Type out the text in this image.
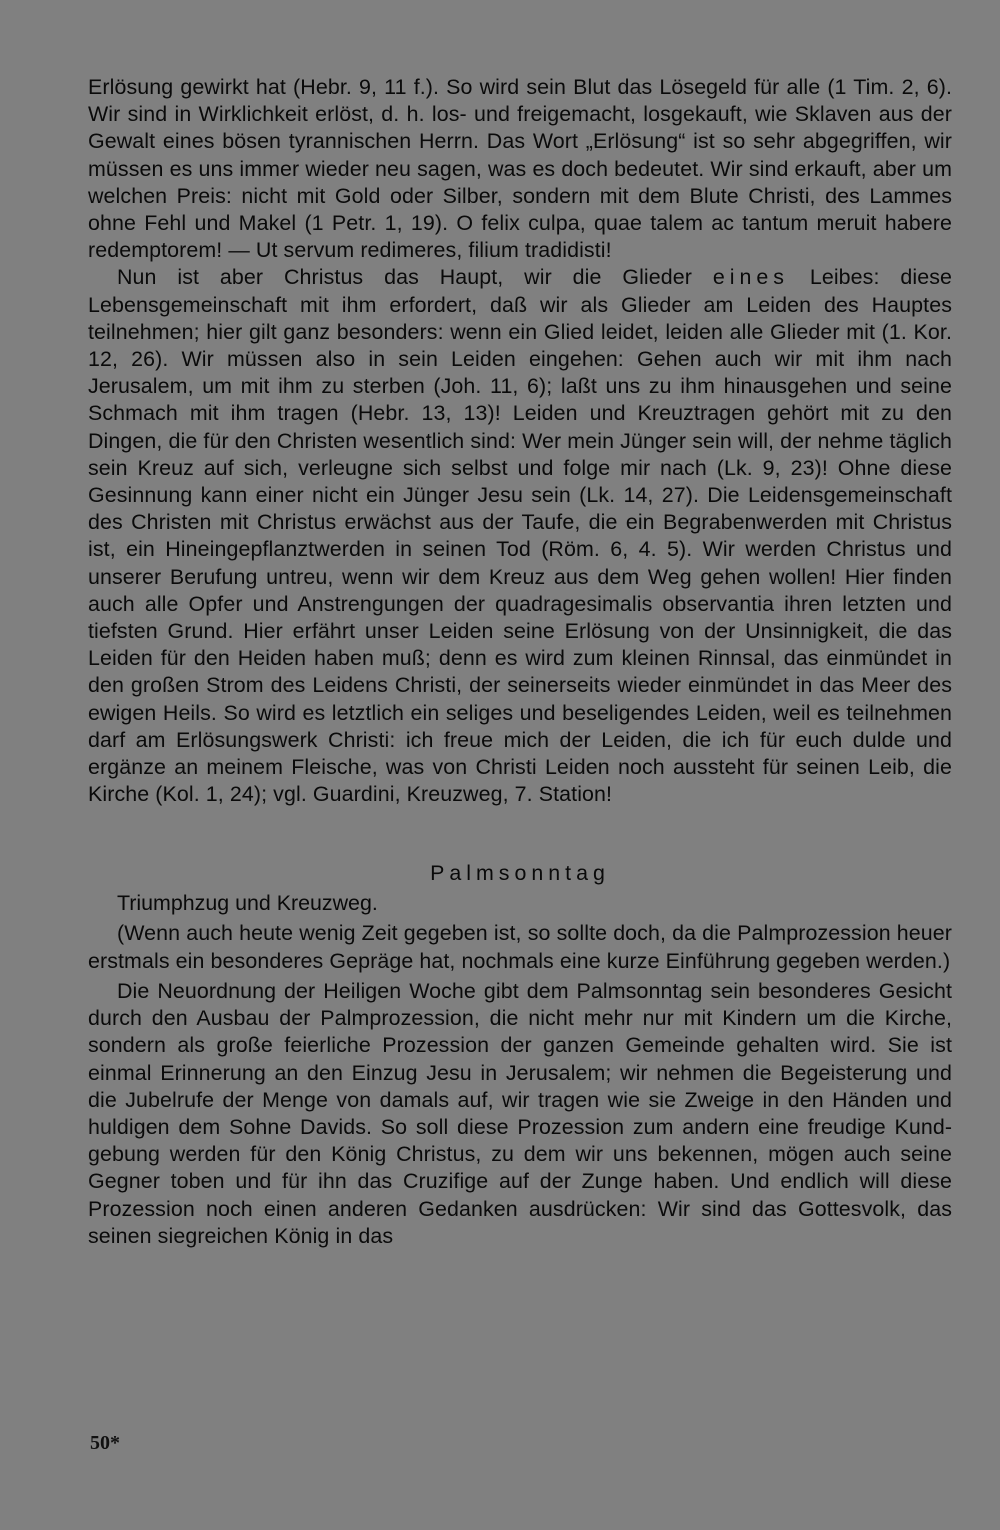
Erlösung gewirkt hat (Hebr. 9, 11 f.). So wird sein Blut das Lösegeld für alle (1 Tim. 2, 6). Wir sind in Wirklichkeit erlöst, d. h. los- und freigemacht, losgekauft, wie Sklaven aus der Gewalt eines bösen tyrannischen Herrn. Das Wort „Erlösung“ ist so sehr abgegriffen, wir müssen es uns immer wieder neu sagen, was es doch bedeutet. Wir sind erkauft, aber um welchen Preis: nicht mit Gold oder Silber, sondern mit dem Blute Christi, des Lammes ohne Fehl und Makel (1 Petr. 1, 19). O felix culpa, quae talem ac tantum meruit habere redemptorem! — Ut servum redimeres, filium tradidisti!

Nun ist aber Christus das Haupt, wir die Glieder eines Leibes: diese Lebensgemeinschaft mit ihm erfordert, daß wir als Glieder am Leiden des Hauptes teilnehmen; hier gilt ganz besonders: wenn ein Glied leidet, leiden alle Glieder mit (1. Kor. 12, 26). Wir müssen also in sein Leiden eingehen: Gehen auch wir mit ihm nach Jerusalem, um mit ihm zu sterben (Joh. 11, 6); laßt uns zu ihm hinausgehen und seine Schmach mit ihm tragen (Hebr. 13, 13)! Leiden und Kreuztragen gehört mit zu den Dingen, die für den Christen wesentlich sind: Wer mein Jünger sein will, der nehme täglich sein Kreuz auf sich, verleugne sich selbst und folge mir nach (Lk. 9, 23)! Ohne diese Gesinnung kann einer nicht ein Jünger Jesu sein (Lk. 14, 27). Die Leidensgemeinschaft des Christen mit Christus erwächst aus der Taufe, die ein Begrabenwerden mit Christus ist, ein Hineingepflanztwerden in seinen Tod (Röm. 6, 4. 5). Wir werden Christus und unserer Berufung untreu, wenn wir dem Kreuz aus dem Weg gehen wollen! Hier finden auch alle Opfer und Anstrengungen der quadragesimalis observantia ihren letzten und tiefsten Grund. Hier erfährt unser Leiden seine Erlösung von der Unsinnigkeit, die das Leiden für den Heiden haben muß; denn es wird zum kleinen Rinnsal, das einmündet in den großen Strom des Leidens Christi, der seinerseits wieder einmündet in das Meer des ewigen Heils. So wird es letztlich ein seliges und beseligendes Leiden, weil es teilnehmen darf am Erlösungswerk Christi: ich freue mich der Leiden, die ich für euch dulde und ergänze an meinem Fleische, was von Christi Leiden noch aussteht für seinen Leib, die Kirche (Kol. 1, 24); vgl. Guardini, Kreuzweg, 7. Station!

Palmsonntag
Triumphzug und Kreuzweg.

(Wenn auch heute wenig Zeit gegeben ist, so sollte doch, da die Palmprozession heuer erstmals ein besonderes Gepräge hat, nochmals eine kurze Einführung gegeben werden.)

Die Neuordnung der Heiligen Woche gibt dem Palmsonntag sein besonderes Gesicht durch den Ausbau der Palmprozession, die nicht mehr nur mit Kindern um die Kirche, sondern als große feierliche Prozession der ganzen Gemeinde gehalten wird. Sie ist einmal Erinnerung an den Einzug Jesu in Jerusalem; wir nehmen die Begeisterung und die Jubelrufe der Menge von damals auf, wir tragen wie sie Zweige in den Händen und huldigen dem Sohne Davids. So soll diese Prozession zum andern eine freudige Kundgebung werden für den König Christus, zu dem wir uns bekennen, mögen auch seine Gegner toben und für ihn das Cruzifige auf der Zunge haben. Und endlich will diese Prozession noch einen anderen Gedanken ausdrücken: Wir sind das Gottesvolk, das seinen siegreichen König in das

50*
